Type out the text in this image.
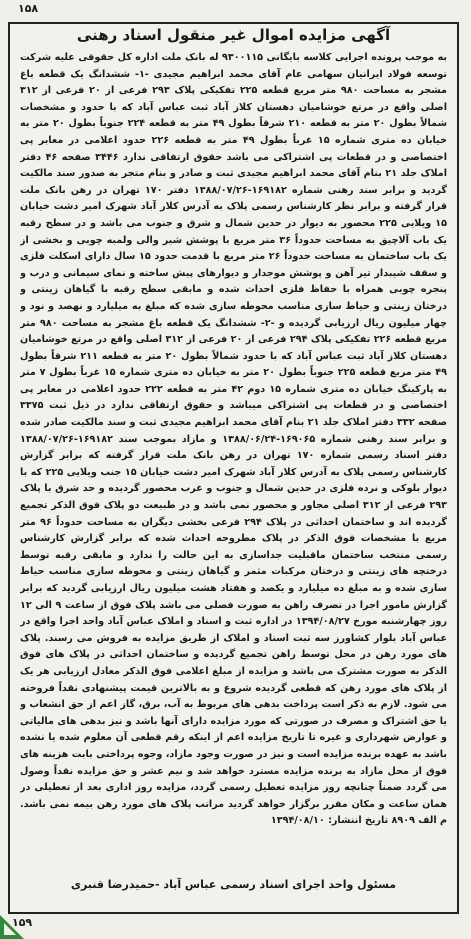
۱۵۸
آگهی مزایده اموال غیر منقول اسناد رهنی
به موجب پرونده اجرایی کلاسه بایگانی ۹۳۰۰۱۱۵ له بانک ملت اداره کل حقوقی علیه شرکت توسعه فولاد ایرانیان سهامی عام آقای محمد ابراهیم مجیدی -۱- ششدانگ یک قطعه باغ مشجر به مساحت ۹۸۰ متر مربع قطعه ۲۲۵ تفکیکی پلاک ۲۹۳ فرعی از ۲۰ فرعی از ۳۱۲ اصلی واقع در مرتع خوشامیان دهستان کلاز آباد ثبت عباس آباد که با حدود و مشخصات شمالاً بطول ۲۰ متر به قطعه ۲۱۰ شرقاً بطول ۴۹ متر به قطعه ۲۲۴ جنوباً بطول ۲۰ متر به خیابان ده متری شماره ۱۵ غرباً بطول ۴۹ متر به قطعه ۲۲۶ حدود اعلامی در معابر پی اختصاصی و در قطعات پی اشتراکی می باشد حقوق ارتفاقی ندارد ۳۴۴۶ صفحه ۴۶ دفتر املاک جلد ۲۱ بنام آقای محمد ابراهیم مجیدی ثبت و صادر و بنام متجر به صدور سند مالکیت گردید و برابر سند رهنی شماره ۱۶۹۱۸۲-۱۳۸۸/۰۷/۲۶ دفتر ۱۷۰ تهران در رهن بانک ملت قرار گرفته و برابر نظر کارشناس رسمی پلاک به آدرس کلار آباد شهرک امیر دشت خیابان ۱۵ ویلایی ۲۲۵ محصور به دیوار در حدین شمال و شرق و جنوب می باشد و در سطح رقبه یک باب آلاچیق به مساحت حدوداً ۳۶ متر مربع با پوشش شیر والی ولمبه چوبی و بخشی از یک باب ساختمان به مساحت حدوداً ۲۶ متر مربع با قدمت حدود ۱۵ سال دارای اسکلت فلزی و سقف شیبدار تیر آهن و پوشش موجدار و دیوارهای پیش ساخته و نمای سیمانی و درب و پنجره چوبی همراه با حفاظ فلزی احداث شده و مابقی سطح رقبه با گیاهان زینتی و درختان زینتی و حیاط سازی مناسب محوطه سازی شده که مبلغ به میلیارد و نهصد و نود و چهار میلیون ریال ارزیابی گردیده و -۲- ششدانگ یک قطعه باغ مشجر به مساحت ۹۸۰ متر مربع قطعه ۲۲۶ تفکیکی پلاک ۲۹۴ فرعی از ۲۰ فرعی از ۳۱۲ اصلی واقع در مرتع خوشامیان دهستان کلاز آباد ثبت عباس آباد که با حدود شمالاً بطول ۲۰ متر به قطعه ۲۱۱ شرقاً بطول ۴۹ متر مربع قطعه ۲۲۵ جنوباً بطول ۲۰ متر به خیابان ده متری شماره ۱۵ غرباً بطول ۷ متر به پارکینگ خیابان ده متری شماره ۱۵ دوم ۴۲ متر به قطعه ۲۲۲ حدود اعلامی در معابر پی اختصاصی و در قطعات پی اشتراکی میباشد و حقوق ارتفاقی ندارد در ذیل ثبت ۳۳۷۵ صفحه ۳۳۲ دفتر املاک جلد ۲۱ بنام آقای محمد ابراهیم مجیدی ثبت و سند مالکیت صادر شده و برابر سند رهنی شماره ۱۶۹۰۶۵-۱۳۸۸/۰۶/۲۴ و مازاد بموجب سند ۱۶۹۱۸۲-۱۳۸۸/۰۷/۲۶ دفتر اسناد رسمی شماره ۱۷۰ تهران در رهن بانک ملت قرار گرفته که برابر گزارش کارشناس رسمی پلاک به آدرس کلار آباد شهرک امیر دشت خیابان ۱۵ جنب ویلایی ۲۲۵ که با دیوار بلوکی و نرده فلزی در حدین شمال و جنوب و غرب محصور گردیده و حد شرق با پلاک ۲۹۳ فرعی از ۳۱۲ اصلی مجاور و محصور نمی باشد و در طبیعت دو پلاک فوق الذکر تجمیع گردیده اند و ساختمان احداثی در پلاک ۲۹۴ فرعی بخشی دیگران به مساحت حدوداً ۹۶ متر مربع با مشخصات فوق الذکر در پلاک مطروحه احداث شده که برابر گزارش کارشناس رسمی منتخب ساختمان ماقبلیت جداسازی به این حالت را ندارد و مابقی رقبه توسط درختچه های زینتی و درختان مرکبات مثمر و گیاهان زینتی و محوطه سازی مناسب حیاط سازی شده و به مبلغ ده میلیارد و یکصد و هفتاد هشت میلیون ریال ارزیابی گردید که برابر گزارش مامور اجرا در تصرف راهن به صورت فصلی می باشد پلاک فوق از ساعت ۹ الی ۱۲ روز چهارشنبه مورخ ۱۳۹۴/۰۸/۲۷ در اداره ثبت و اسناد و املاک عباس آباد واحد اجرا واقع در عباس آباد بلوار کشاورز سه ثبت اسناد و املاک از طریق مزایده به فروش می رسند. پلاک های مورد رهن در محل توسط راهن تجمیع گردیده و ساختمان احداثی در پلاک های فوق الذکر به صورت مشترک می باشد و مزایده از مبلغ اعلامی فوق الذکر معادل ارزیابی هر یک از پلاک های مورد رهن که قطعی گردیده شروع و به بالاترین قیمت پیشنهادی نقداً فروخته می شود. لازم به ذکر است پرداخت بدهی های مربوط به آب، برق، گاز اعم از حق انشعاب و یا حق اشتراک و مصرف در صورتی که مورد مزایده دارای آنها باشد و نیز بدهی های مالیاتی و عوارض شهرداری و غیره تا تاریخ مزایده اعم از اینکه رقم قطعی آن معلوم شده یا نشده باشد به عهده برنده مزایده است و نیز در صورت وجود مازاد، وجوه پرداختی بابت هزینه های فوق از محل مازاد به برنده مزایده مسترد خواهد شد و نیم عشر و حق مزایده نقداً وصول می گردد ضمناً چنانچه روز مزایده تعطیل رسمی گردد، مزایده روز اداری بعد از تعطیلی در همان ساعت و مکان مقرر برگزار خواهد گردید مراتب پلاک های مورد رهن بیمه نمی باشد. م الف ۸۹۰۹ تاریخ انتشار: ۱۳۹۴/۰۸/۱۰
مسئول واحد اجرای اسناد رسمی عباس آباد -حمیدرضا قنبری
۱۵۹
